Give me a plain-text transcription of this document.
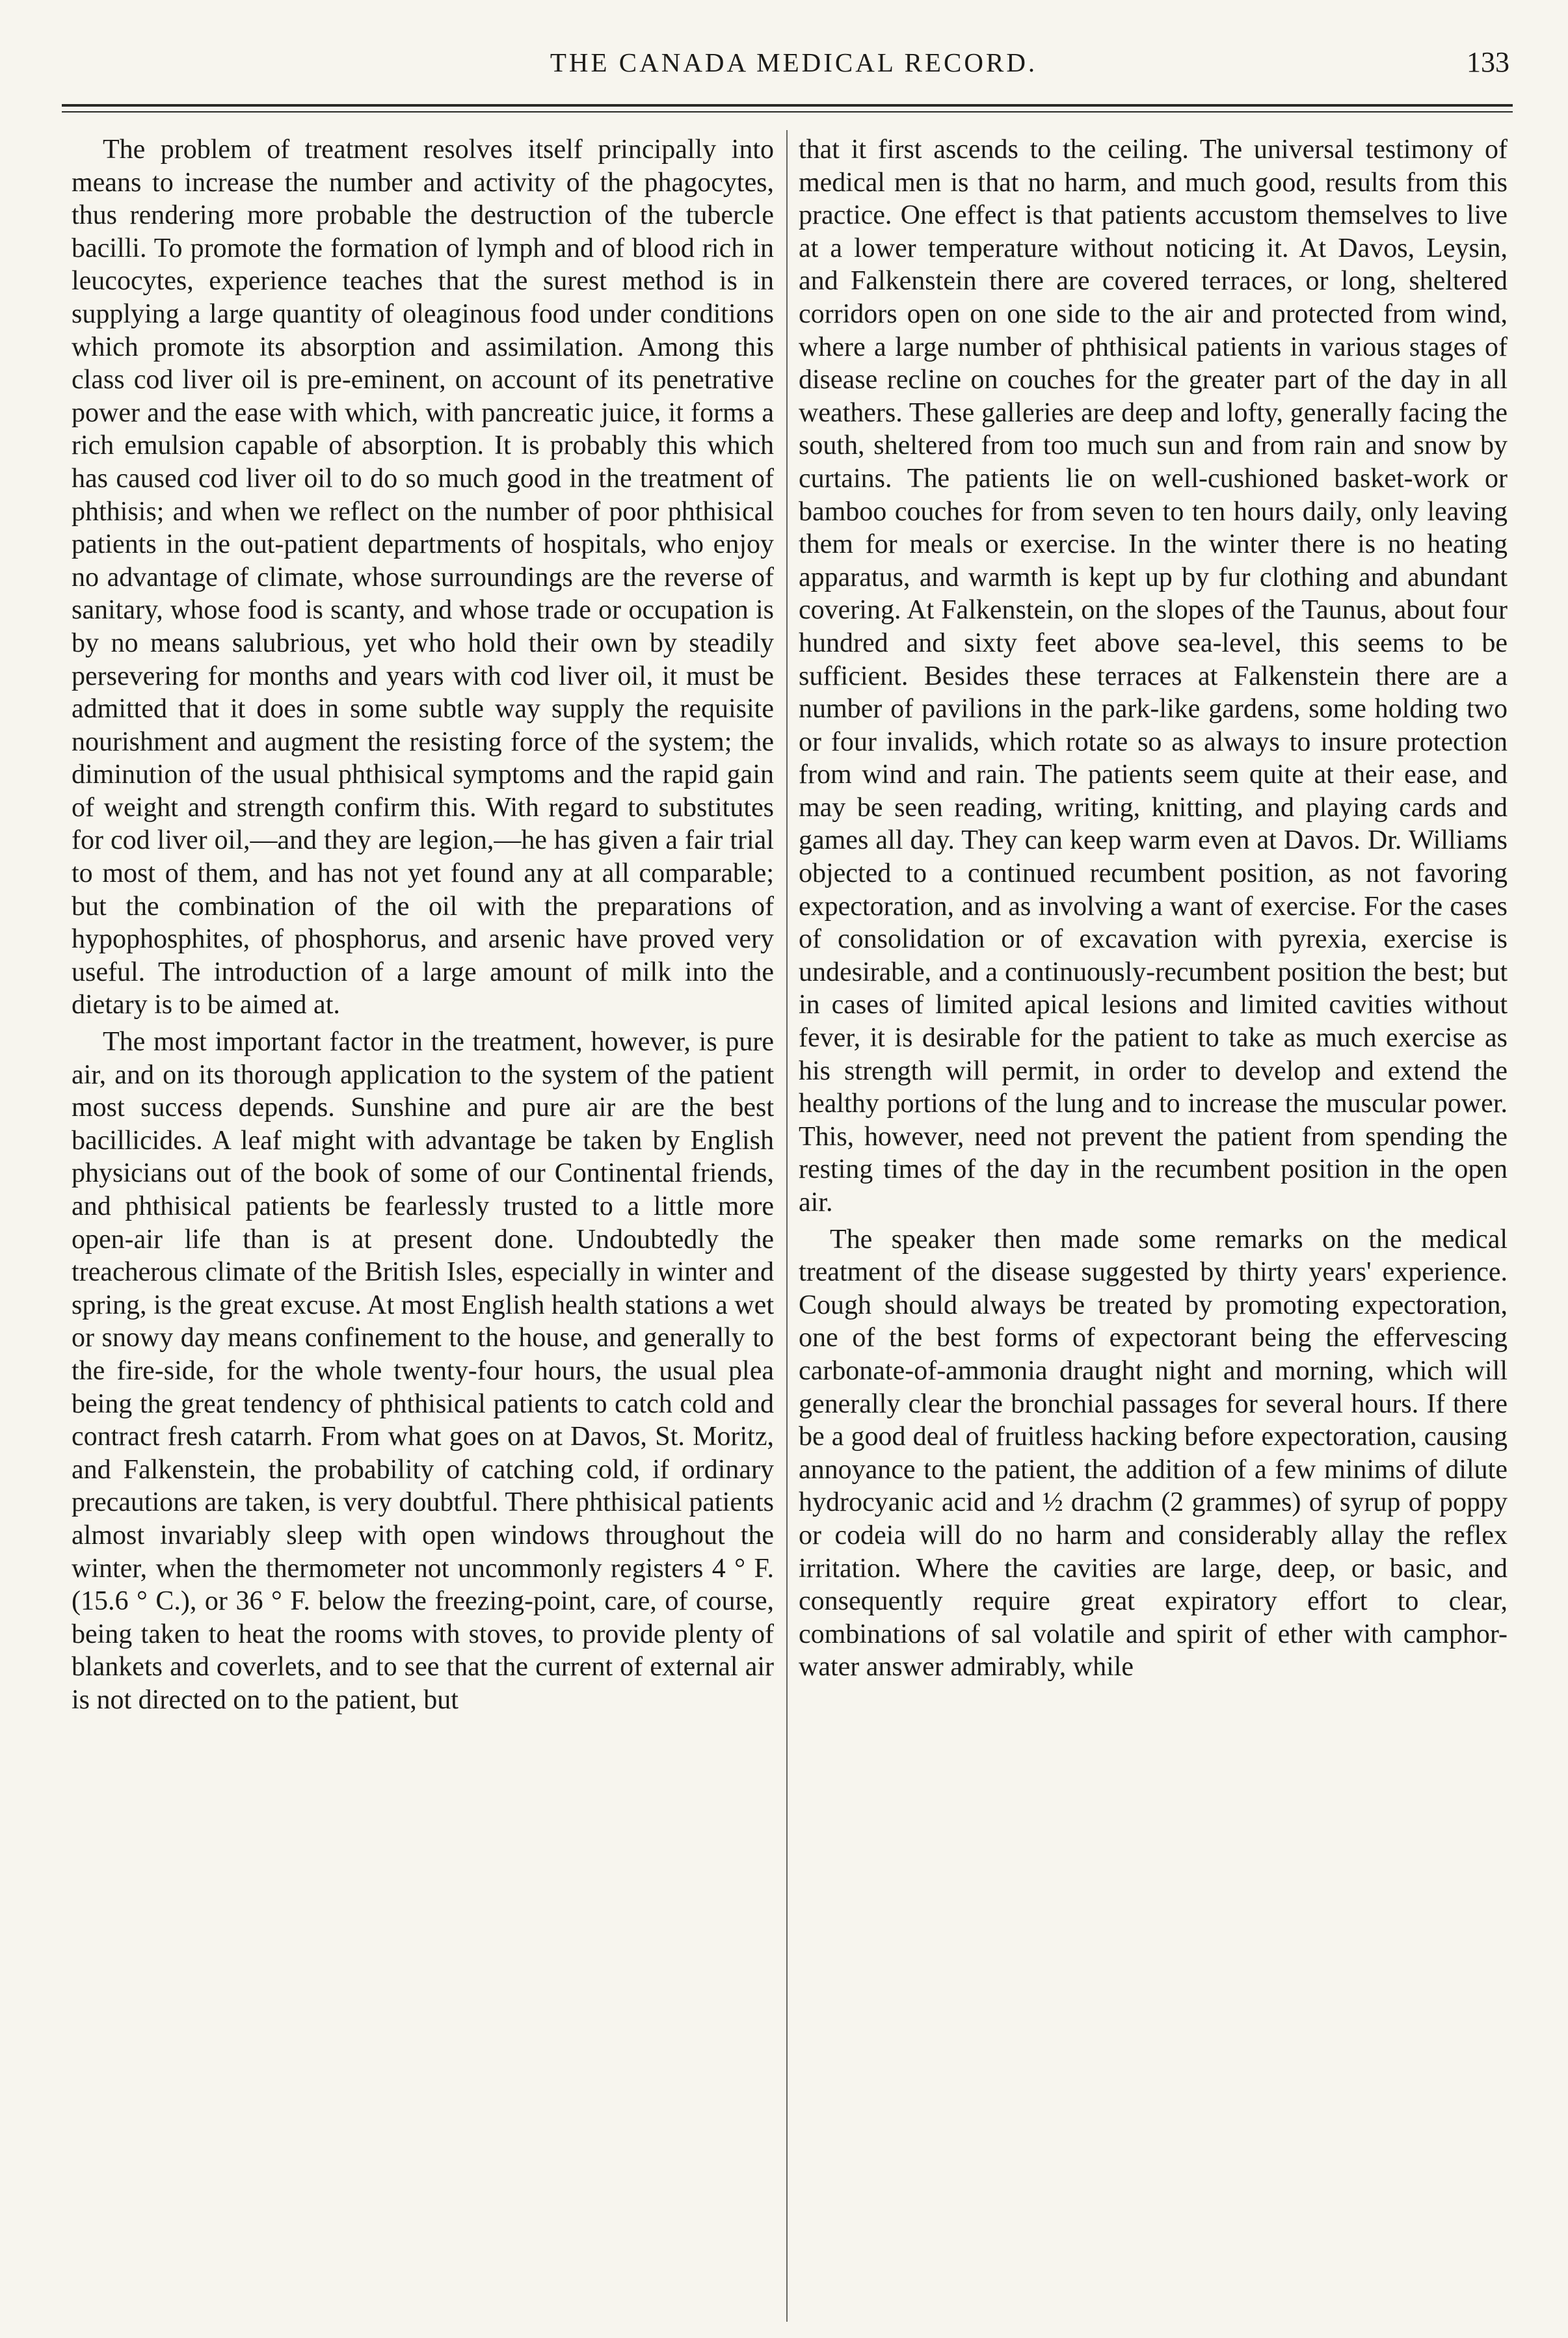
THE CANADA MEDICAL RECORD.	133

The problem of treatment resolves itself principally into means to increase the number and activity of the phagocytes, thus rendering more probable the destruction of the tubercle bacilli. To promote the formation of lymph and of blood rich in leucocytes, experience teaches that the surest method is in supplying a large quantity of oleaginous food under conditions which promote its absorption and assimilation. Among this class cod liver oil is pre-eminent, on account of its penetrative power and the ease with which, with pancreatic juice, it forms a rich emulsion capable of absorption. It is probably this which has caused cod liver oil to do so much good in the treatment of phthisis; and when we reflect on the number of poor phthisical patients in the out-patient departments of hospitals, who enjoy no advantage of climate, whose surroundings are the reverse of sanitary, whose food is scanty, and whose trade or occupation is by no means salubrious, yet who hold their own by steadily persevering for months and years with cod liver oil, it must be admitted that it does in some subtle way supply the requisite nourishment and augment the resisting force of the system; the diminution of the usual phthisical symptoms and the rapid gain of weight and strength confirm this. With regard to substitutes for cod liver oil,—and they are legion,—he has given a fair trial to most of them, and has not yet found any at all comparable; but the combination of the oil with the preparations of hypophosphites, of phosphorus, and arsenic have proved very useful. The introduction of a large amount of milk into the dietary is to be aimed at.

The most important factor in the treatment, however, is pure air, and on its thorough application to the system of the patient most success depends. Sunshine and pure air are the best bacillicides. A leaf might with advantage be taken by English physicians out of the book of some of our Continental friends, and phthisical patients be fearlessly trusted to a little more open-air life than is at present done. Undoubtedly the treacherous climate of the British Isles, especially in winter and spring, is the great excuse. At most English health stations a wet or snowy day means confinement to the house, and generally to the fire-side, for the whole twenty-four hours, the usual plea being the great tendency of phthisical patients to catch cold and contract fresh catarrh. From what goes on at Davos, St. Moritz, and Falkenstein, the probability of catching cold, if ordinary precautions are taken, is very doubtful. There phthisical patients almost invariably sleep with open windows throughout the winter, when the thermometer not uncommonly registers 4 ° F. (15.6 ° C.), or 36 ° F. below the freezing-point, care, of course, being taken to heat the rooms with stoves, to provide plenty of blankets and coverlets, and to see that the current of external air is not directed on to the patient, but

that it first ascends to the ceiling. The universal testimony of medical men is that no harm, and much good, results from this practice. One effect is that patients accustom themselves to live at a lower temperature without noticing it. At Davos, Leysin, and Falkenstein there are covered terraces, or long, sheltered corridors open on one side to the air and protected from wind, where a large number of phthisical patients in various stages of disease recline on couches for the greater part of the day in all weathers. These galleries are deep and lofty, generally facing the south, sheltered from too much sun and from rain and snow by curtains. The patients lie on well-cushioned basket-work or bamboo couches for from seven to ten hours daily, only leaving them for meals or exercise. In the winter there is no heating apparatus, and warmth is kept up by fur clothing and abundant covering. At Falkenstein, on the slopes of the Taunus, about four hundred and sixty feet above sea-level, this seems to be sufficient. Besides these terraces at Falkenstein there are a number of pavilions in the park-like gardens, some holding two or four invalids, which rotate so as always to insure protection from wind and rain. The patients seem quite at their ease, and may be seen reading, writing, knitting, and playing cards and games all day. They can keep warm even at Davos. Dr. Williams objected to a continued recumbent position, as not favoring expectoration, and as involving a want of exercise. For the cases of consolidation or of excavation with pyrexia, exercise is undesirable, and a continuously-recumbent position the best; but in cases of limited apical lesions and limited cavities without fever, it is desirable for the patient to take as much exercise as his strength will permit, in order to develop and extend the healthy portions of the lung and to increase the muscular power. This, however, need not prevent the patient from spending the resting times of the day in the recumbent position in the open air.

The speaker then made some remarks on the medical treatment of the disease suggested by thirty years' experience. Cough should always be treated by promoting expectoration, one of the best forms of expectorant being the effervescing carbonate-of-ammonia draught night and morning, which will generally clear the bronchial passages for several hours. If there be a good deal of fruitless hacking before expectoration, causing annoyance to the patient, the addition of a few minims of dilute hydrocyanic acid and ½ drachm (2 grammes) of syrup of poppy or codeia will do no harm and considerably allay the reflex irritation. Where the cavities are large, deep, or basic, and consequently require great expiratory effort to clear, combinations of sal volatile and spirit of ether with camphor-water answer admirably, while
